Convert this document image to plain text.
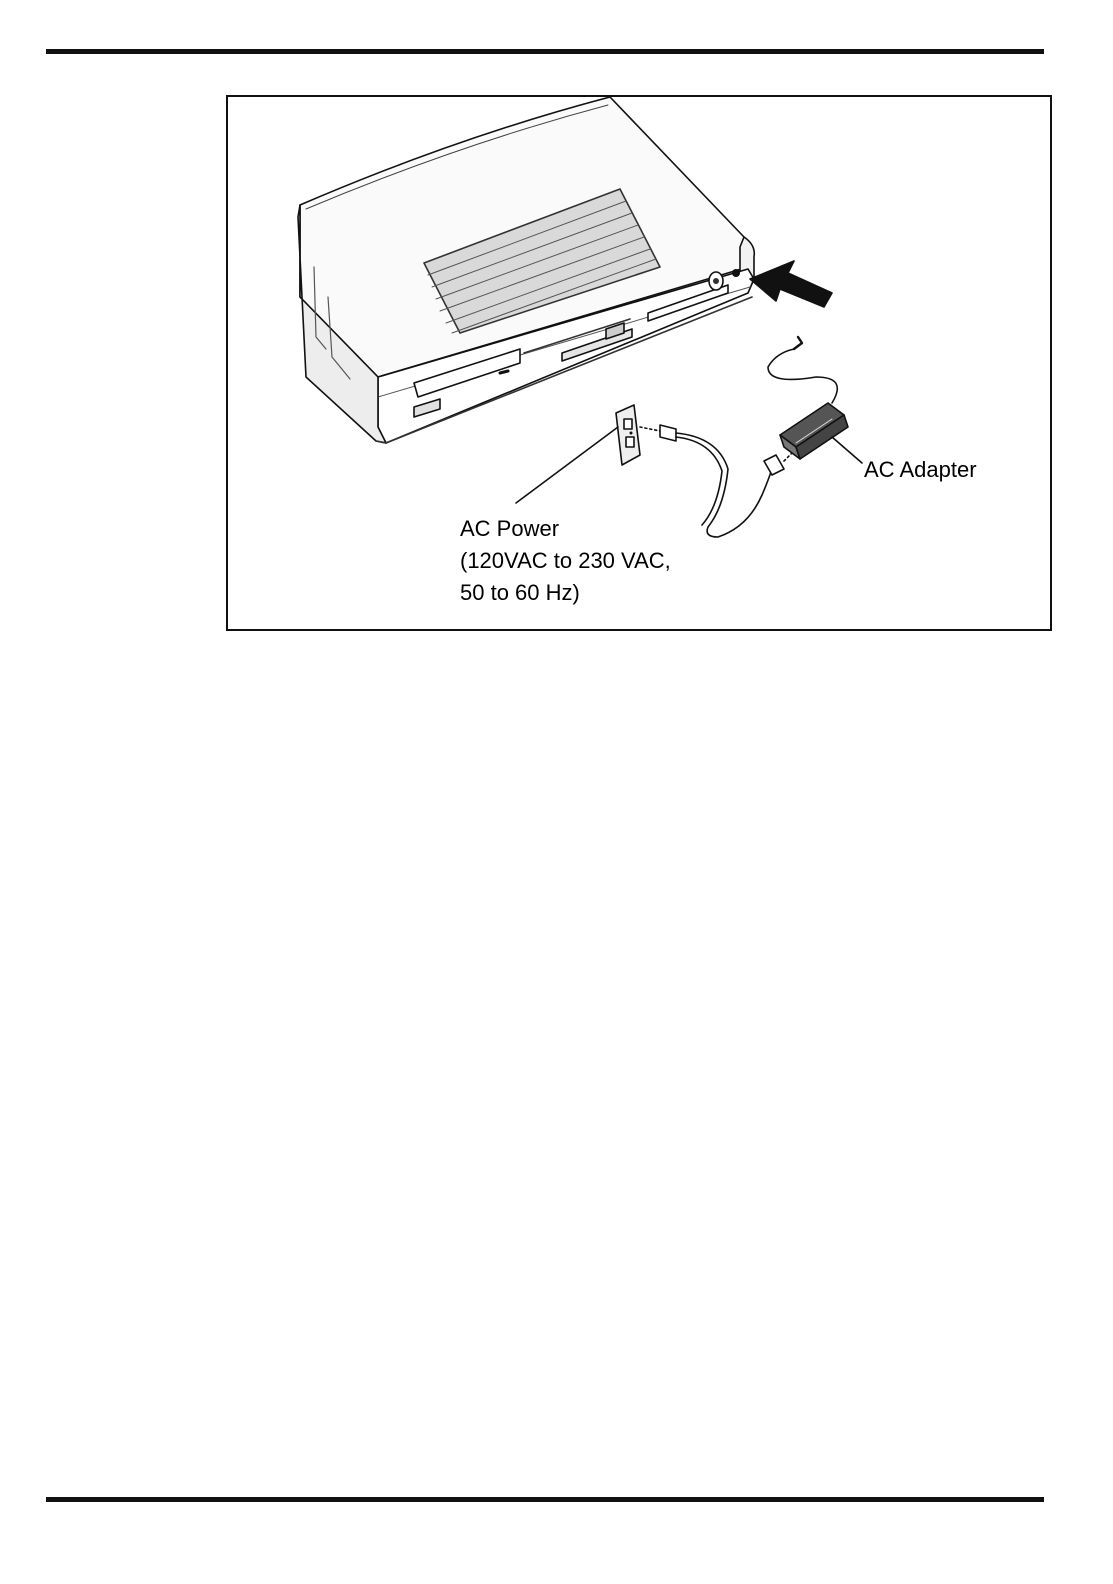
AC Adapter
AC Power
(120VAC to 230 VAC,
50 to 60 Hz)
